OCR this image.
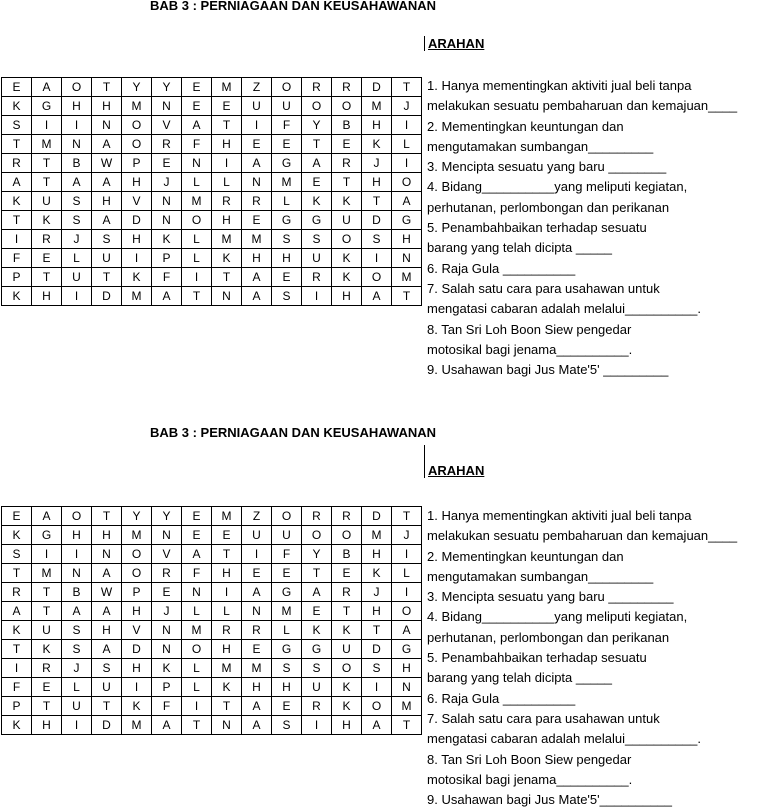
BAB 3 : PERNIAGAAN DAN KEUSAHAWANAN
ARAHAN
E	A	O	T	Y	Y	E	M	Z	O	R	R	D	T
K	G	H	H	M	N	E	E	U	U	O	O	M	J
S	I	I	N	O	V	A	T	I	F	Y	B	H	I
T	M	N	A	O	R	F	H	E	E	T	E	K	L
R	T	B	W	P	E	N	I	A	G	A	R	J	I
A	T	A	A	H	J	L	L	N	M	E	T	H	O
K	U	S	H	V	N	M	R	R	L	K	K	T	A
T	K	S	A	D	N	O	H	E	G	G	U	D	G
I	R	J	S	H	K	L	M	M	S	S	O	S	H
F	E	L	U	I	P	L	K	H	H	U	K	I	N
P	T	U	T	K	F	I	T	A	E	R	K	O	M
K	H	I	D	M	A	T	N	A	S	I	H	A	T
1. Hanya mementingkan aktiviti jual beli tanpa
melakukan sesuatu pembaharuan dan kemajuan____
2. Mementingkan keuntungan dan
mengutamakan sumbangan_________
3. Mencipta sesuatu yang baru ________
4. Bidang__________yang meliputi kegiatan,
perhutanan, perlombongan dan perikanan
5. Penambahbaikan terhadap sesuatu
barang yang telah dicipta _____
6. Raja Gula __________
7. Salah satu cara para usahawan untuk
mengatasi cabaran adalah melalui__________.
8. Tan Sri Loh Boon Siew pengedar
motosikal bagi jenama__________.
9. Usahawan bagi Jus Mate'5' _________
BAB 3 : PERNIAGAAN DAN KEUSAHAWANAN
ARAHAN
E	A	O	T	Y	Y	E	M	Z	O	R	R	D	T
K	G	H	H	M	N	E	E	U	U	O	O	M	J
S	I	I	N	O	V	A	T	I	F	Y	B	H	I
T	M	N	A	O	R	F	H	E	E	T	E	K	L
R	T	B	W	P	E	N	I	A	G	A	R	J	I
A	T	A	A	H	J	L	L	N	M	E	T	H	O
K	U	S	H	V	N	M	R	R	L	K	K	T	A
T	K	S	A	D	N	O	H	E	G	G	U	D	G
I	R	J	S	H	K	L	M	M	S	S	O	S	H
F	E	L	U	I	P	L	K	H	H	U	K	I	N
P	T	U	T	K	F	I	T	A	E	R	K	O	M
K	H	I	D	M	A	T	N	A	S	I	H	A	T
1. Hanya mementingkan aktiviti jual beli tanpa
melakukan sesuatu pembaharuan dan kemajuan____
2. Mementingkan keuntungan dan
mengutamakan sumbangan_________
3. Mencipta sesuatu yang baru _________
4. Bidang__________yang meliputi kegiatan,
perhutanan, perlombongan dan perikanan
5. Penambahbaikan terhadap sesuatu
barang yang telah dicipta _____
6. Raja Gula __________
7. Salah satu cara para usahawan untuk
mengatasi cabaran adalah melalui__________.
8. Tan Sri Loh Boon Siew pengedar
motosikal bagi jenama__________.
9. Usahawan bagi Jus Mate'5'__________
